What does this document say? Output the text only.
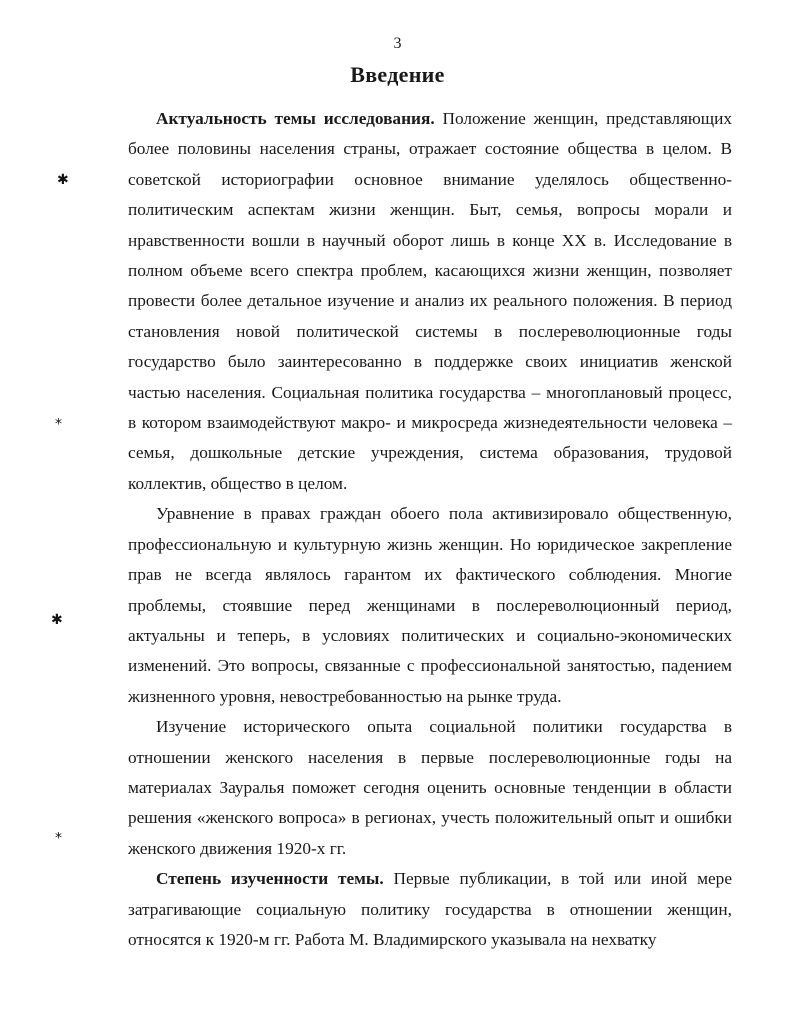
3
Введение

Актуальность темы исследования. Положение женщин, представляющих более половины населения страны, отражает состояние общества в целом. В советской историографии основное внимание уделялось общественно-политическим аспектам жизни женщин. Быт, семья, вопросы морали и нравственности вошли в научный оборот лишь в конце XX в. Исследование в полном объеме всего спектра проблем, касающихся жизни женщин, позволяет провести более детальное изучение и анализ их реального положения. В период становления новой политической системы в послереволюционные годы государство было заинтересованно в поддержке своих инициатив женской частью населения. Социальная политика государства – многоплановый процесс, в котором взаимодействуют макро- и микросреда жизнедеятельности человека – семья, дошкольные детские учреждения, система образования, трудовой коллектив, общество в целом.

Уравнение в правах граждан обоего пола активизировало общественную, профессиональную и культурную жизнь женщин. Но юридическое закрепление прав не всегда являлось гарантом их фактического соблюдения. Многие проблемы, стоявшие перед женщинами в послереволюционный период, актуальны и теперь, в условиях политических и социально-экономических изменений. Это вопросы, связанные с профессиональной занятостью, падением жизненного уровня, невостребованностью на рынке труда.

Изучение исторического опыта социальной политики государства в отношении женского населения в первые послереволюционные годы на материалах Зауралья поможет сегодня оценить основные тенденции в области решения «женского вопроса» в регионах, учесть положительный опыт и ошибки женского движения 1920-х гг.

Степень изученности темы. Первые публикации, в той или иной мере затрагивающие социальную политику государства в отношении женщин, относятся к 1920-м гг. Работа М. Владимирского указывала на нехватку

✱
⁎
✱
⁎
